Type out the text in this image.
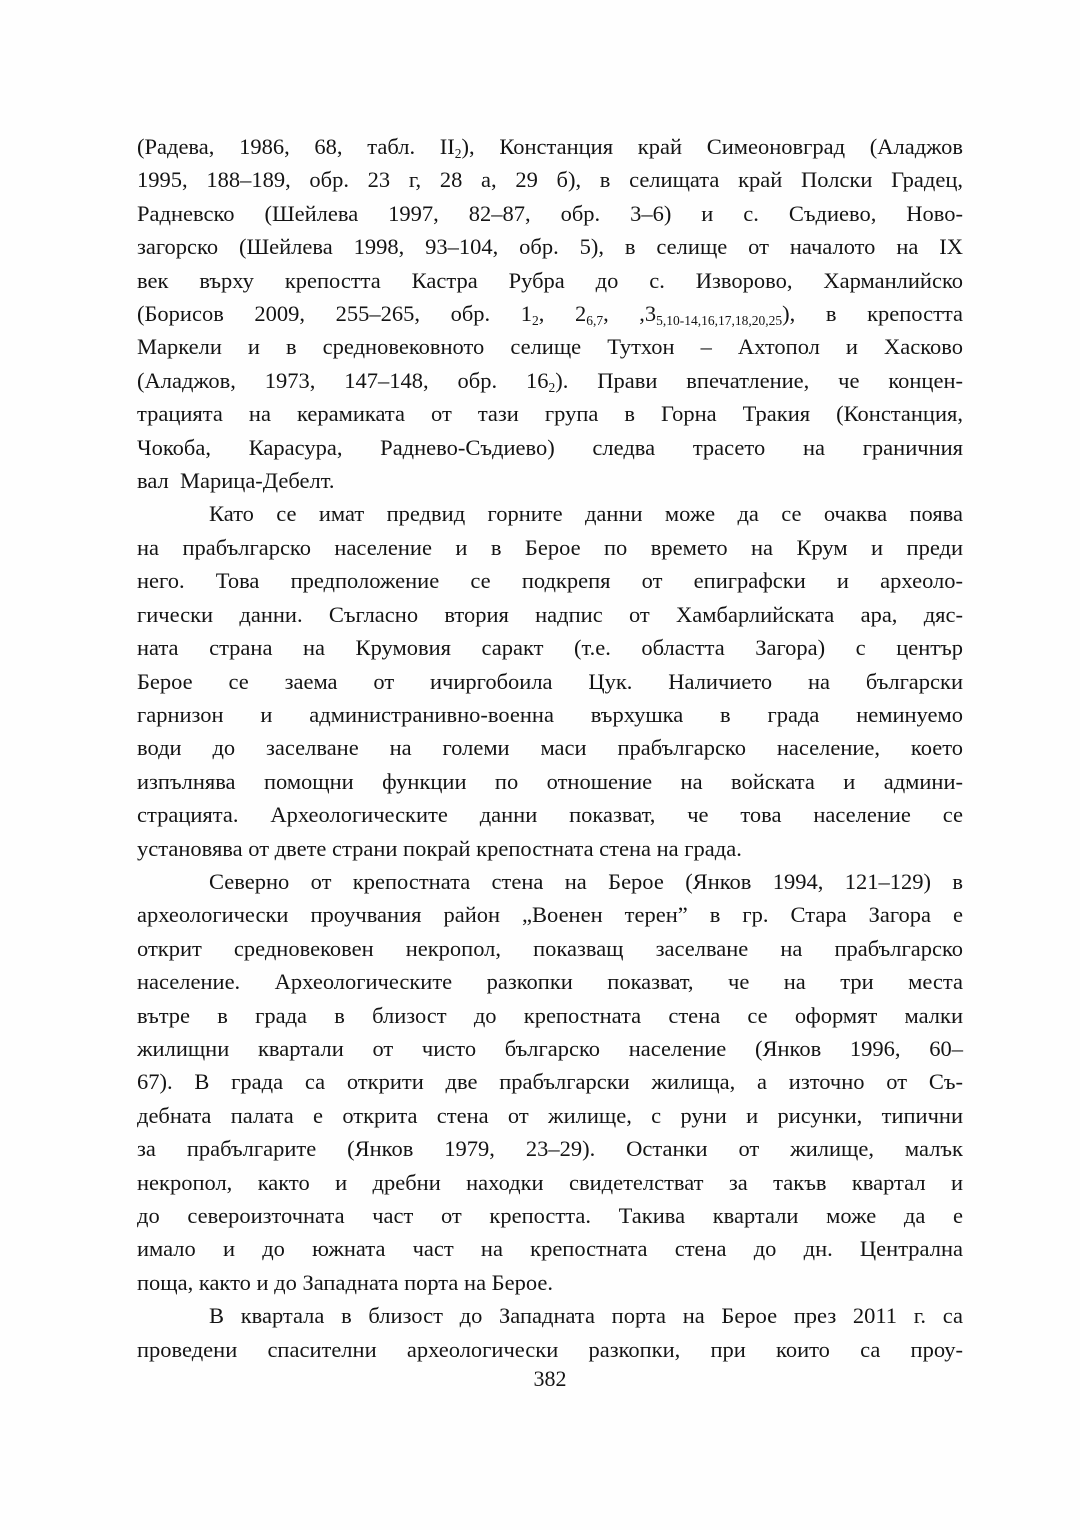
(Радева, 1986, 68, табл. $II_2$), Констанция край Симеоновград (Аладжов
1995, 188–189, обр. 23 г, 28 а, 29 б), в селищата край Полски Градец,
Радневско (Шейлева 1997, 82–87, обр. 3–6) и с. Съдиево, Ново-
загорско (Шейлева 1998, 93–104, обр. 5), в селище от началото на IX
век върху крепостта Кастра Рубра до с. Изворово, Харманлийско
(Борисов 2009, 255–265, обр. $1_2$, $2_{6,7}$, $,3_{5,10-14,16,17,18,20,25}$), в крепостта
Маркели и в средновековното селище Тутхон – Ахтопол и Хасково
(Аладжов, 1973, 147–148, обр. $16_2$). Прави впечатление, че концен-
трацията на керамиката от тази група в Горна Тракия (Констанция,
Чокоба, Карасура, Раднево-Съдиево) следва трасето на граничния
вал  Марица-Дебелт.
Като се имат предвид горните данни може да се очаква поява
на прабългарско население и в Берое по времето на Крум и преди
него. Това предположение се подкрепя от епиграфски и археоло-
гически данни. Съгласно втория надпис от Хамбарлийската ара, дяс-
ната страна на Крумовия саракт (т.е. областта Загора) с център
Берое се заема от ичиргобоила Цук. Наличието на български
гарнизон и администранивно-военна върхушка в града неминуемо
води до заселване на големи маси прабългарско население, което
изпълнява помощни функции по отношение на войската и админи-
страцията. Археологическите данни показват, че това население се
установява от двете страни покрай крепостната стена на града.
Северно от крепостната стена на Берое (Янков 1994, 121–129) в
археологически проучвания район „Военен терен” в гр. Стара Загора е
открит средновековен некропол, показващ заселване на прабългарско
население. Археологическите разкопки показват, че на три места
вътре в града в близост до крепостната стена се оформят малки
жилищни квартали от чисто българско население (Янков 1996, 60–
67). В града са открити две прабългарски жилища, а източно от Съ-
дебната палата е открита стена от жилище, с руни и рисунки, типични
за прабългарите (Янков 1979, 23–29). Останки от жилище, малък
некропол, както и дребни находки свидетелстват за такъв квартал и
до североизточната част от крепостта. Такива квартали може да е
имало и до южната част на крепостната стена до дн. Централна
поща, както и до Западната порта на Берое.
В квартала в близост до Западната порта на Берое през 2011 г. са
проведени спасителни археологически разкопки, при които са проу-
382
